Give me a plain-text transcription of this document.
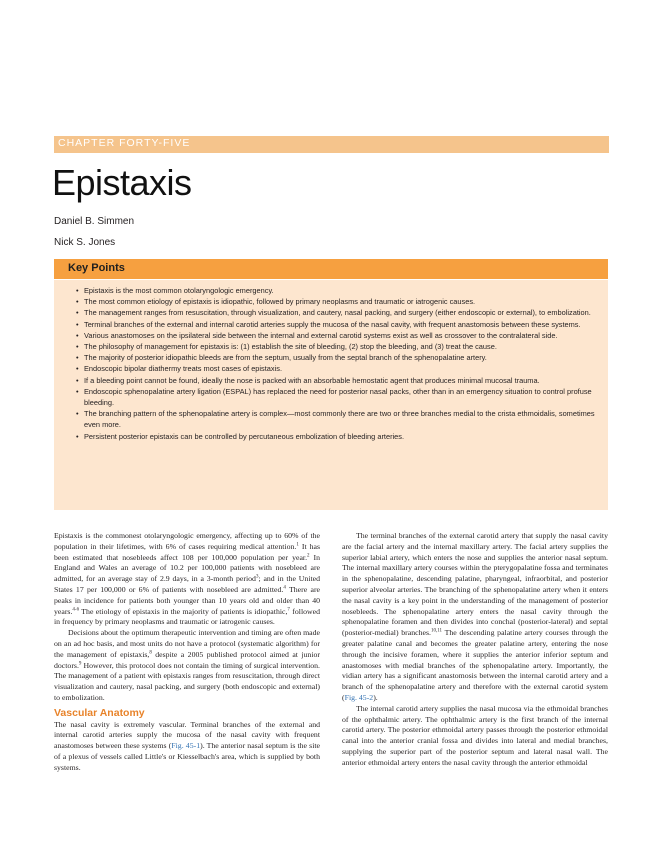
CHAPTER FORTY-FIVE
Epistaxis
Daniel B. Simmen
Nick S. Jones
Key Points
• Epistaxis is the most common otolaryngologic emergency.
• The most common etiology of epistaxis is idiopathic, followed by primary neoplasms and traumatic or iatrogenic causes.
• The management ranges from resuscitation, through visualization, and cautery, nasal packing, and surgery (either endoscopic or external), to embolization.
• Terminal branches of the external and internal carotid arteries supply the mucosa of the nasal cavity, with frequent anastomosis between these systems.
• Various anastomoses on the ipsilateral side between the internal and external carotid systems exist as well as crossover to the contralateral side.
• The philosophy of management for epistaxis is: (1) establish the site of bleeding, (2) stop the bleeding, and (3) treat the cause.
• The majority of posterior idiopathic bleeds are from the septum, usually from the septal branch of the sphenopalatine artery.
• Endoscopic bipolar diathermy treats most cases of epistaxis.
• If a bleeding point cannot be found, ideally the nose is packed with an absorbable hemostatic agent that produces minimal mucosal trauma.
• Endoscopic sphenopalatine artery ligation (ESPAL) has replaced the need for posterior nasal packs, other than in an emergency situation to control profuse bleeding.
• The branching pattern of the sphenopalatine artery is complex—most commonly there are two or three branches medial to the crista ethmoidalis, sometimes even more.
• Persistent posterior epistaxis can be controlled by percutaneous embolization of bleeding arteries.

Epistaxis is the commonest otolaryngologic emergency, affecting up to 60% of the population in their lifetimes, with 6% of cases requiring medical attention.$^1$ It has been estimated that nosebleeds affect 108 per 100,000 population per year.$^2$ In England and Wales an average of 10.2 per 100,000 patients with nosebleed are admitted, for an average stay of 2.9 days, in a 3-month period$^3$; and in the United States 17 per 100,000 or 6% of patients with nosebleed are admitted.$^4$ There are peaks in incidence for patients both younger than 10 years old and older than 40 years.$^{4-6}$ The etiology of epistaxis in the majority of patients is idiopathic,$^7$ followed in frequency by primary neoplasms and traumatic or iatrogenic causes.

Decisions about the optimum therapeutic intervention and timing are often made on an ad hoc basis, and most units do not have a protocol (systematic algorithm) for the management of epistaxis,$^8$ despite a 2005 published protocol aimed at junior doctors.$^9$ However, this protocol does not contain the timing of surgical intervention. The management of a patient with epistaxis ranges from resuscitation, through direct visualization and cautery, nasal packing, and surgery (both endoscopic and external) to embolization.

Vascular Anatomy

The nasal cavity is extremely vascular. Terminal branches of the external and internal carotid arteries supply the mucosa of the nasal cavity with frequent anastomoses between these systems (Fig. 45-1). The anterior nasal septum is the site of a plexus of vessels called Little's or Kiesselbach's area, which is supplied by both systems.

The terminal branches of the external carotid artery that supply the nasal cavity are the facial artery and the internal maxillary artery. The facial artery supplies the superior labial artery, which enters the nose and supplies the anterior nasal septum. The internal maxillary artery courses within the pterygopalatine fossa and terminates in the sphenopalatine, descending palatine, pharyngeal, infraorbital, and posterior superior alveolar arteries. The branching of the sphenopalatine artery when it enters the nasal cavity is a key point in the understanding of the management of posterior nosebleeds. The sphenopalatine artery enters the nasal cavity through the sphenopalatine foramen and then divides into conchal (posterior-lateral) and septal (posterior-medial) branches.$^{10,11}$ The descending palatine artery courses through the greater palatine canal and becomes the greater palatine artery, entering the nose through the incisive foramen, where it supplies the anterior inferior septum and anastomoses with medial branches of the sphenopalatine artery. Importantly, the vidian artery has a significant anastomosis between the internal carotid artery and a branch of the sphenopalatine artery and therefore with the external carotid system (Fig. 45-2).

The internal carotid artery supplies the nasal mucosa via the ethmoidal branches of the ophthalmic artery. The ophthalmic artery is the first branch of the internal carotid artery. The posterior ethmoidal artery passes through the posterior ethmoidal canal into the anterior cranial fossa and divides into lateral and medial branches, supplying the superior part of the posterior septum and lateral nasal wall. The anterior ethmoidal artery enters the nasal cavity through the anterior ethmoidal
